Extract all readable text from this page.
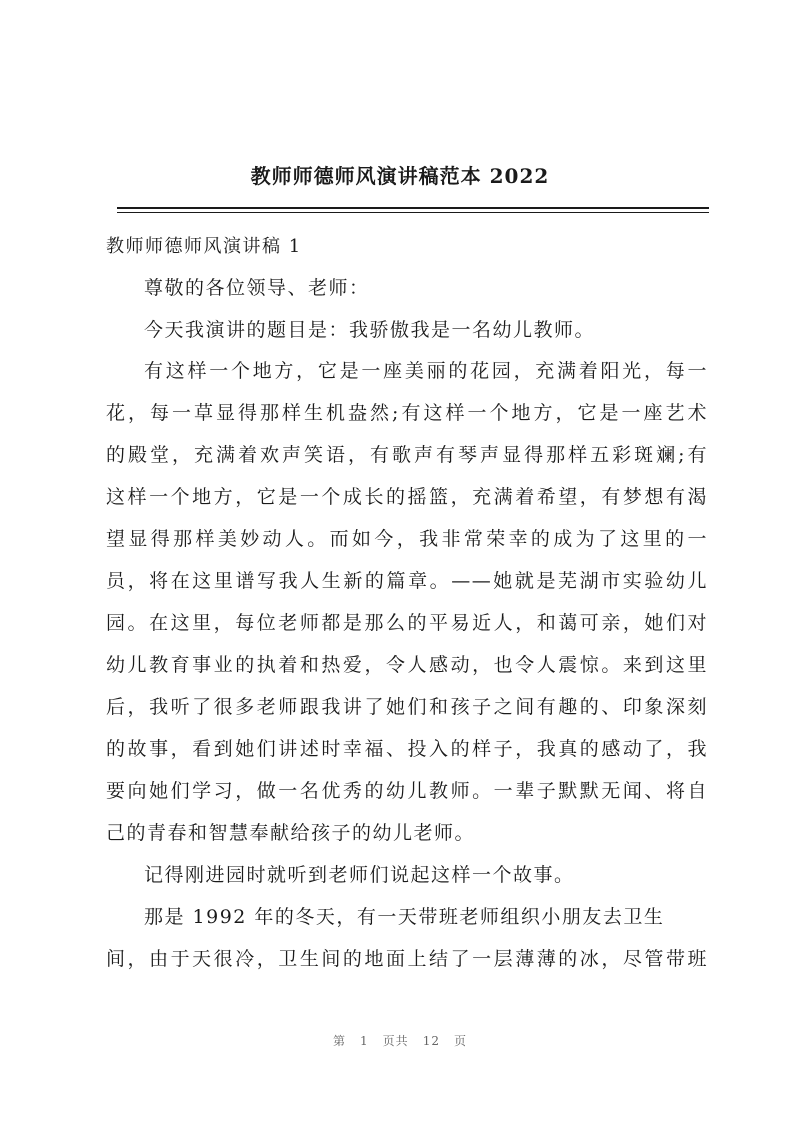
教师师德师风演讲稿范本 2022
教师师德师风演讲稿 1
尊敬的各位领导、老师：
今天我演讲的题目是：我骄傲我是一名幼儿教师。
有这样一个地方，它是一座美丽的花园，充满着阳光，每一
花，每一草显得那样生机盎然;有这样一个地方，它是一座艺术
的殿堂，充满着欢声笑语，有歌声有琴声显得那样五彩斑斓;有
这样一个地方，它是一个成长的摇篮，充满着希望，有梦想有渴
望显得那样美妙动人。而如今，我非常荣幸的成为了这里的一
员，将在这里谱写我人生新的篇章。——她就是芜湖市实验幼儿
园。在这里，每位老师都是那么的平易近人，和蔼可亲，她们对
幼儿教育事业的执着和热爱，令人感动，也令人震惊。来到这里
后，我听了很多老师跟我讲了她们和孩子之间有趣的、印象深刻
的故事，看到她们讲述时幸福、投入的样子，我真的感动了，我
要向她们学习，做一名优秀的幼儿教师。一辈子默默无闻、将自
己的青春和智慧奉献给孩子的幼儿老师。
记得刚进园时就听到老师们说起这样一个故事。
那是 1992 年的冬天，有一天带班老师组织小朋友去卫生
间，由于天很冷，卫生间的地面上结了一层薄薄的冰，尽管带班
第 1 页共 12 页
